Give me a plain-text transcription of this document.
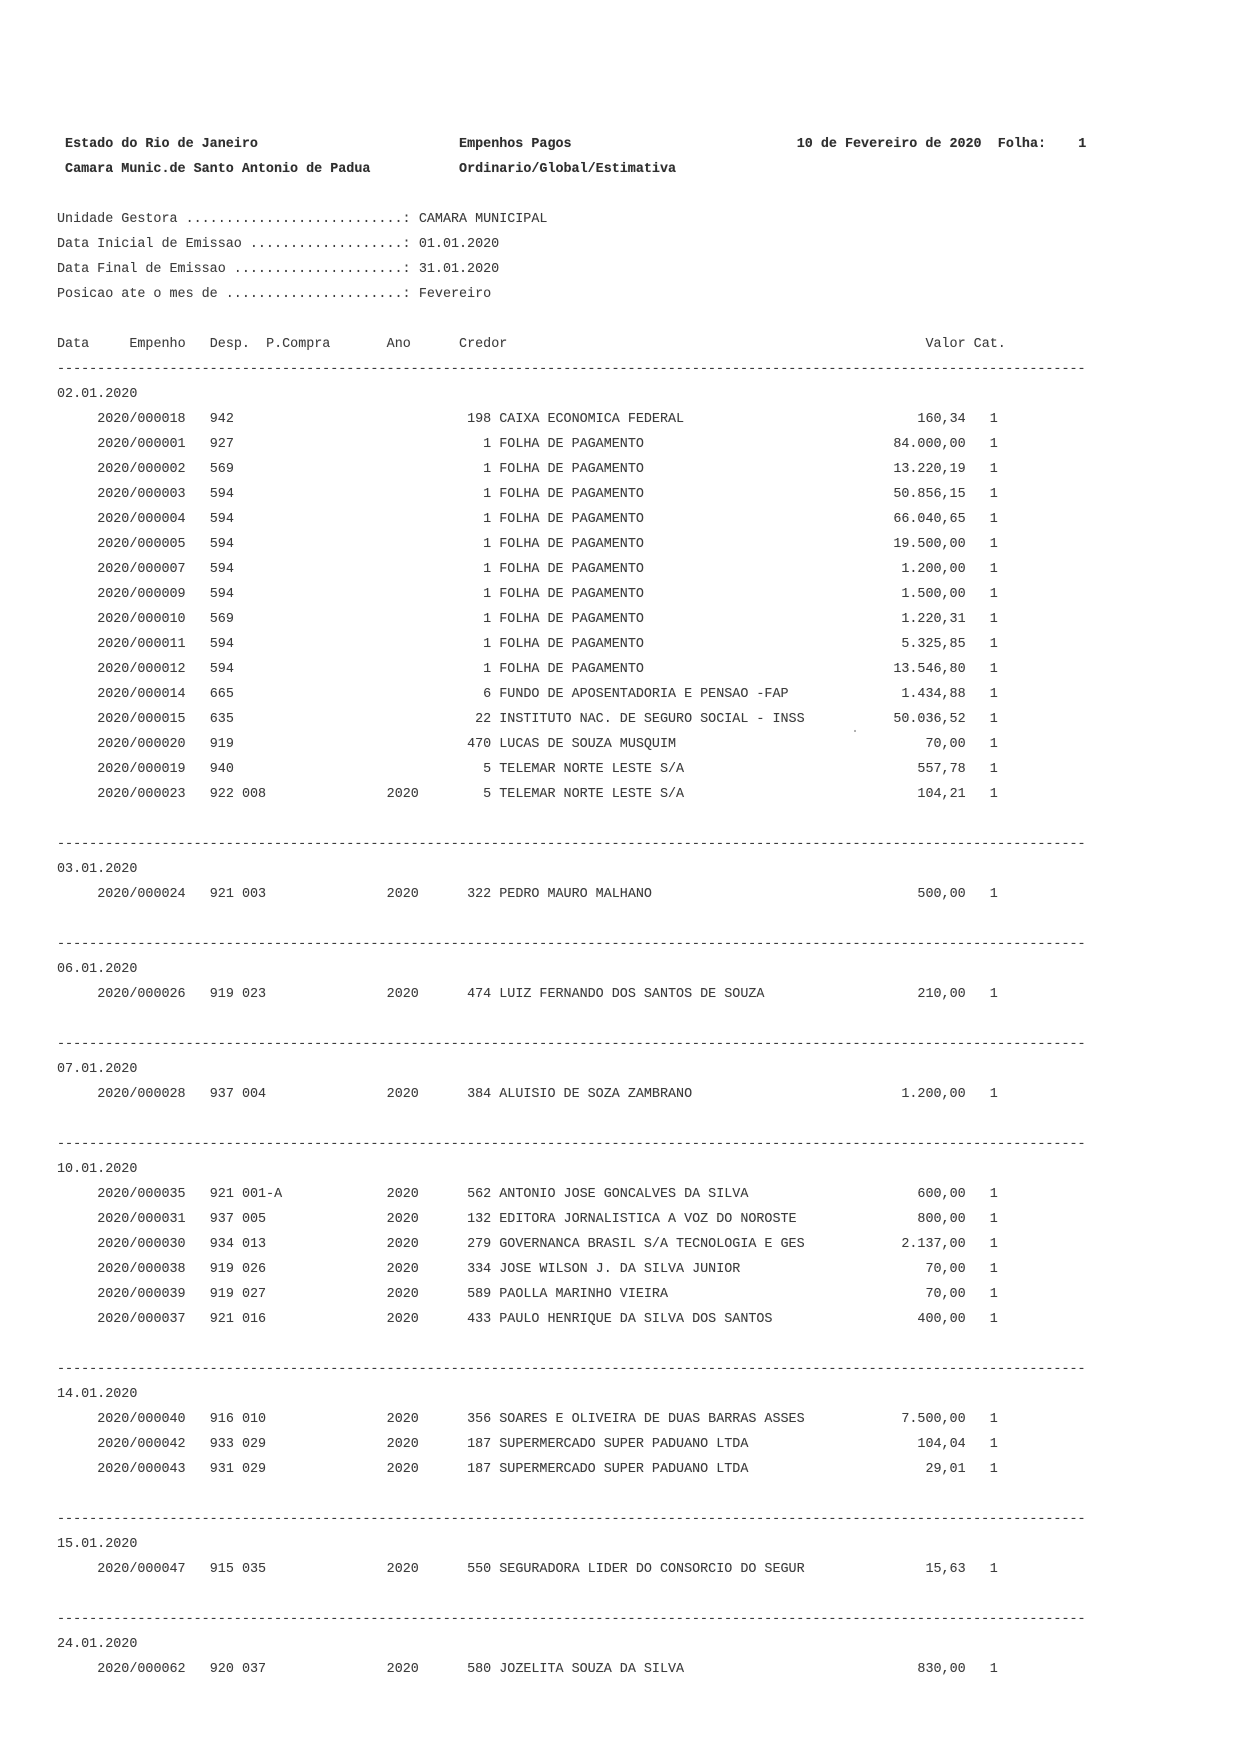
Estado do Rio de Janeiro	Empenhos Pagos	10 de Fevereiro de 2020 Folha: 1
Camara Munic.de Santo Antonio de Padua	Ordinario/Global/Estimativa
Unidade Gestora ...........................: CAMARA MUNICIPAL
Data Inicial de Emissao ...................: 01.01.2020
Data Final de Emissao .....................: 31.01.2020
Posicao ate o mes de ......................: Fevereiro
Data	Empenho Desp. P.Compra	Ano	Credor	Valor Cat.
--------------------------------------------------------------------------------------------------------------------------------
02.01.2020
2020/000018 942	198 CAIXA ECONOMICA FEDERAL	160,34 1
2020/000001 927	1 FOLHA DE PAGAMENTO	84.000,00 1
2020/000002 569	1 FOLHA DE PAGAMENTO	13.220,19 1
2020/000003 594	1 FOLHA DE PAGAMENTO	50.856,15 1
2020/000004 594	1 FOLHA DE PAGAMENTO	66.040,65 1
2020/000005 594	1 FOLHA DE PAGAMENTO	19.500,00 1
2020/000007 594	1 FOLHA DE PAGAMENTO	1.200,00 1
2020/000009 594	1 FOLHA DE PAGAMENTO	1.500,00 1
2020/000010 569	1 FOLHA DE PAGAMENTO	1.220,31 1
2020/000011 594	1 FOLHA DE PAGAMENTO	5.325,85 1
2020/000012 594	1 FOLHA DE PAGAMENTO	13.546,80 1
2020/000014 665	6 FUNDO DE APOSENTADORIA E PENSAO -FAP	1.434,88 1
2020/000015 635	22 INSTITUTO NAC. DE SEGURO SOCIAL - INSS	50.036,52 1
2020/000020 919	470 LUCAS DE SOUZA MUSQUIM	70,00 1
2020/000019 940	5 TELEMAR NORTE LESTE S/A	557,78 1
2020/000023 922 008	2020	5 TELEMAR NORTE LESTE S/A	104,21 1
--------------------------------------------------------------------------------------------------------------------------------
03.01.2020
2020/000024 921 003	2020	322 PEDRO MAURO MALHANO	500,00 1
--------------------------------------------------------------------------------------------------------------------------------
06.01.2020
2020/000026 919 023	2020	474 LUIZ FERNANDO DOS SANTOS DE SOUZA	210,00 1
--------------------------------------------------------------------------------------------------------------------------------
07.01.2020
2020/000028 937 004	2020	384 ALUISIO DE SOZA ZAMBRANO	1.200,00 1
--------------------------------------------------------------------------------------------------------------------------------
10.01.2020
2020/000035 921 001-A	2020	562 ANTONIO JOSE GONCALVES DA SILVA	600,00 1
2020/000031 937 005	2020	132 EDITORA JORNALISTICA A VOZ DO NOROSTE	800,00 1
2020/000030 934 013	2020	279 GOVERNANCA BRASIL S/A TECNOLOGIA E GES	2.137,00 1
2020/000038 919 026	2020	334 JOSE WILSON J. DA SILVA JUNIOR	70,00 1
2020/000039 919 027	2020	589 PAOLLA MARINHO VIEIRA	70,00 1
2020/000037 921 016	2020	433 PAULO HENRIQUE DA SILVA DOS SANTOS	400,00 1
--------------------------------------------------------------------------------------------------------------------------------
14.01.2020
2020/000040 916 010	2020	356 SOARES E OLIVEIRA DE DUAS BARRAS ASSES	7.500,00 1
2020/000042 933 029	2020	187 SUPERMERCADO SUPER PADUANO LTDA	104,04 1
2020/000043 931 029	2020	187 SUPERMERCADO SUPER PADUANO LTDA	29,01 1
--------------------------------------------------------------------------------------------------------------------------------
15.01.2020
2020/000047 915 035	2020	550 SEGURADORA LIDER DO CONSORCIO DO SEGUR	15,63 1
--------------------------------------------------------------------------------------------------------------------------------
24.01.2020
2020/000062 920 037	2020	580 JOZELITA SOUZA DA SILVA	830,00 1
.
